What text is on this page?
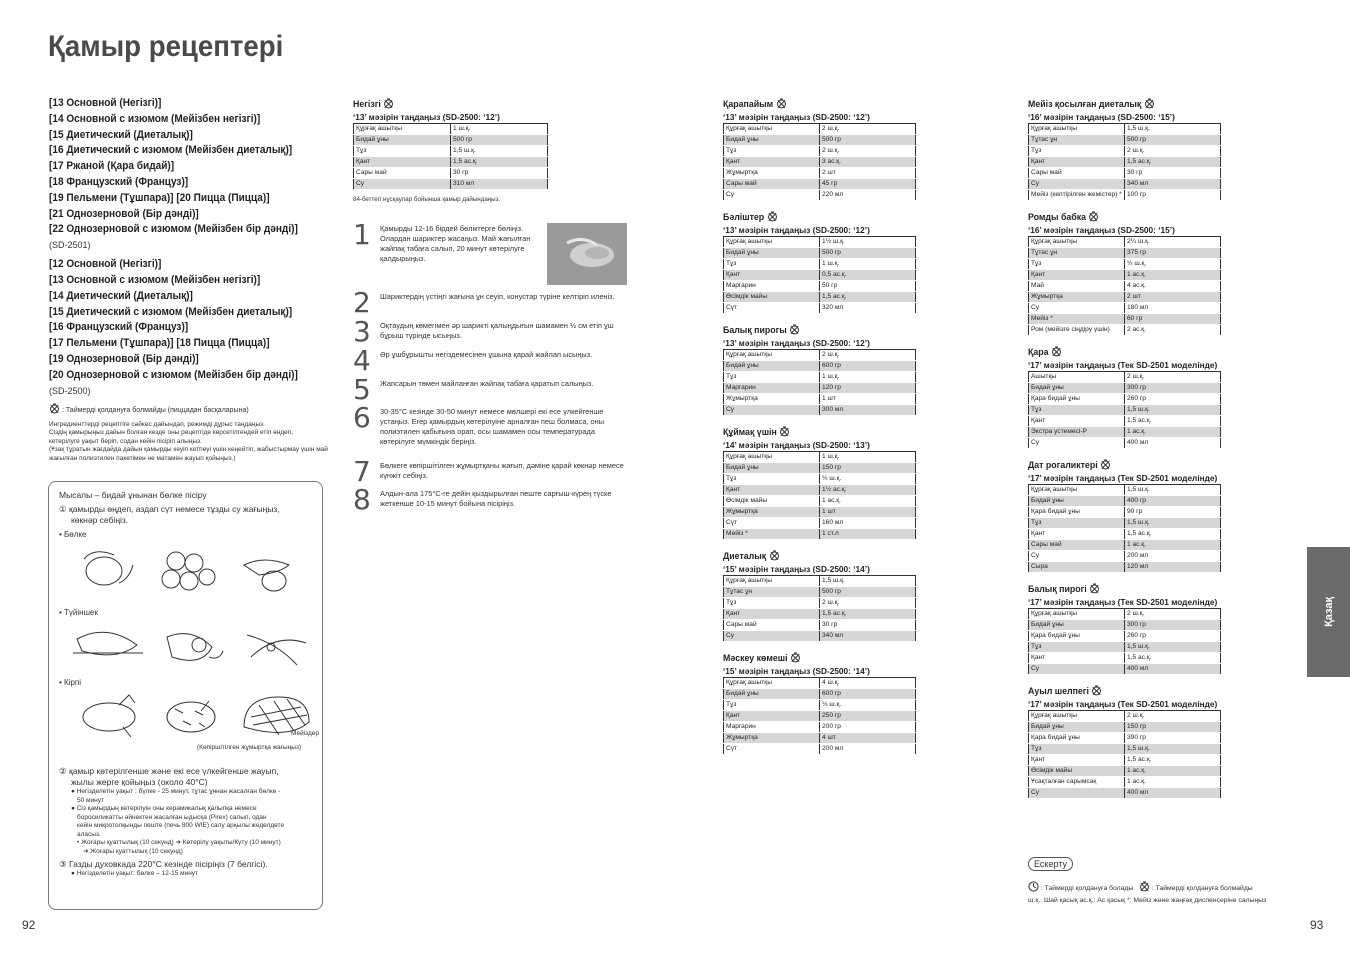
Қамыр рецептері
92	93
Қазақ
[13 Основной (Негізгі)]
[14 Основной с изюмом (Мейізбен негізгі)]
[15 Диетический (Диеталық)]
[16 Диетический с изюмом (Мейізбен диеталық)]
[17 Ржаной (Қара бидай)]
[18 Французский (Француз)]
[19 Пельмени (Тұшпара)] [20 Пицца (Пицца)]
[21 Однозерновой (Бір дәнді)]
[22 Однозерновой с изюмом (Мейізбен бір дәнді)]
(SD-2501)
[12 Основной (Негізгі)]
[13 Основной с изюмом (Мейізбен негізгі)]
[14 Диетический (Диеталық)]
[15 Диетический с изюмом (Мейізбен диеталық)]
[16 Французский (Француз)]
[17 Пельмени (Тұшпара)] [18 Пицца (Пицца)]
[19 Однозерновой (Бір дәнді)]
[20 Однозерновой с изюмом (Мейізбен бір дәнді)]
(SD-2500)
: Таймерді қолдануға болмайды (пиццадан басқаларына)
Ингредиенттерді рецептіге сәйкес дайындап, режимді дұрыс таңдаңыз.
Сіздің қамырыңыз дайын болған кезде оны рецептіде көрсетілгендей етіп өндеп,
кетерілуге уақыт беріп, содан кейін пісіріп алыңыз.
(Ұзақ тұратын жағдайда дайын қамырды кеуіп кетпеуі үшін кеңейтіп, жабыстырмау үшін май
жағылған полиэтилен пакетімен не матамен жауып қойыңыз.)
Мысалы – бидай ұнынан бөлке пісіру
① қамырды өңдеп, аздап сүт немесе тұзды су жағыңыз,
көкнәр себіңіз.
• Бөлке
• Түйіншек
• Кірпі
Мейіздер
(Көпіршітілген жұмыртқа жағыңыз)
② қамыр көтерілгенше және екі есе үлкейгенше жауып,
жылы жерге қойыңыз (около 40°C)
● Негізделетін уақыт : бүлке - 25 минут, тұтас ұннан жасалған бөлке -
50 минут
● Сіз қамырдың көтерілуін оны керамикалық қалыпқа немесе
боросиликатты әйнектен жасалған ыдысқа (Pirex) салып, одан
кейін микротолқынды пеште (печь 800 WIE) салу арқылы жеделдете
аласыз.
• Жоғары қуаттылық (10 секунд) ➜ Көтерілу уақыты/Күту (10 минут)
➜ Жоғары қуаттылық (10 секунд)
③ Газды духовкада 220°C кезінде пісіріңіз (7 белгісі).
● Негізделетін уақыт: бөлке – 12-15 минут
Негізгі
‘13’ мәзірін таңдаңыз (SD-2500: ‘12’)
Құрғақ ашытқы	1 ш.қ.
Бидай ұны	500 гр
Тұз	1,5 ш.қ.
Қант	1,5 ас.қ.
Сары май	30 гр
Су	310 мл
84-беттегі нұсқаулар бойынша қамыр дайындаңыз.
1 Қамырды 12-16 бірдей бөліктерге бөліңіз. Олардан шариктер жасаңыз. Май жағылған жайпақ табаға салып, 20 минут көтерілуге қалдырыңыз.
2 Шариктердің үстіңгі жағына ұн сеуіп, конустар түріне келтіріп иленіз.
3 Оқтаудың көмегімен әр шарикті қалыңдығын шамамен ½ см етіп ұш бұрыш түрінде ысыңыз.
4 Әр ұшбұрышты негіздемесінен ұшына қарай жайлап ысыңыз.
5 Жапсарын төмен майланған жайпақ табаға қаратып салыңыз.
6 30-35°C кезінде 30-50 минут немесе мөлшері екі есе үлкейгенше устаңыз. Егер қамырдың көтерілуіне арналған пеш болмаса, оны полиэтилен қабығына орап, осы шамамен осы температурада көтерілуге мүмкіндік беріңіз.
7 Бөлкеге көпіршітілген жұмыртқаны жағып, дәміне қарай көкнәр немесе күнжіт себіңіз.
8 Алдын-ала 175°C-ге дейін қыздырылған пеште сарғыш-күрең түске жеткенше 10-15 минут бойына пісіріңіз.
Қарапайым
‘13’ мәзірін таңдаңыз (SD-2500: ‘12’)
Құрғақ ашытқы	2 ш.қ.
Бидай ұны	500 гр
Тұз	2 ш.қ.
Қант	3 ас.қ.
Жұмыртқа	2 шт
Сары май	45 гр
Су	220 мл
Бәліштер
‘13’ мәзірін таңдаңыз (SD-2500: ‘12’)
Құрғақ ашытқы	1½ ш.қ.
Бидай ұны	500 гр
Тұз	1 ш.қ.
Қант	0,5 ас.қ.
Маргарин	50 гр
Өсімдік майы	1,5 ас.қ.
Сүт	320 мл
Балық пирогы
‘13’ мәзірін таңдаңыз (SD-2500: ‘12’)
Құрғақ ашытқы	2 ш.қ.
Бидай ұны	600 гр
Тұз	1 ш.қ.
Маргарин	120 гр
Жұмыртқа	1 шт
Су	300 мл
Құймақ үшін
‘14’ мәзірін таңдаңыз (SD-2500: ‘13’)
Құрғақ ашытқы	1 ш.қ.
Бидай ұны	150 гр
Тұз	½ ш.қ.
Қант	1½ ас.қ.
Өсімдік майы	1 ас.қ.
Жұмыртқа	1 шт
Сүт	160 мл
Мейіз *	1 ст.л
Диеталық
‘15’ мәзірін таңдаңыз (SD-2500: ‘14’)
Құрғақ ашытқы	1,5 ш.қ.
Тұтас ұн	500 гр
Тұз	2 ш.қ.
Қант	1,5 ас.қ.
Сары май	30 гр
Су	340 мл
Мәскеу көмеші
‘15’ мәзірін таңдаңыз (SD-2500: ‘14’)
Құрғақ ашытқы	4 ш.қ.
Бидай ұны	600 гр
Тұз	½ ш.қ.
Қант	250 гр
Маргарин	200 гр
Жұмыртқа	4 шт
Сүт	200 мл
Мейіз қосылған диеталық
‘16’ мәзірін таңдаңыз (SD-2500: ‘15’)
Құрғақ ашытқы	1,5 ш.қ.
Тұтас ұн	500 гр
Тұз	2 ш.қ.
Қант	1,5 ас.қ.
Сары май	30 гр
Су	340 мл
Мейіз (кептірілген жемістер) *	100 гр
Ромды бабка
‘16’ мәзірін таңдаңыз (SD-2500: ‘15’)
Құрғақ ашытқы	2¼ ш.қ.
Тұтас ұн	375 гр
Тұз	½ ш.қ.
Қант	1 ас.қ.
Май	4 ас.қ.
Жұмыртқа	2 шт
Су	180 мл
Мейіз *	60 гр
Ром (мейізге сіңдіру үшін)	2 ас.қ.
Қара
‘17’ мәзірін таңдаңыз (Тек SD-2501 моделінде)
Ашытқы	2 ш.қ.
Бидай ұны	300 гр
Қара бидай ұны	260 гр
Тұз	1,5 ш.қ.
Қант	1,5 ас.қ.
Экстра устемесі-Р	1 ас.қ.
Су	400 мл
Дат рогаликтері
‘17’ мәзірін таңдаңыз (Тек SD-2501 моделінде)
Құрғақ ашытқы	1,5 ш.қ.
Бидай ұны	400 гр
Қара бидай ұны	90 гр
Тұз	1,5 ш.қ.
Қант	1,5 ас.қ.
Сары май	1 ас.қ.
Су	200 мл
Сыра	120 мл
Балық пирогі
‘17’ мәзірін таңдаңыз (Тек SD-2501 моделінде)
Құрғақ ашытқы	2 ш.қ.
Бидай ұны	300 гр
Қара бидай ұны	260 гр
Тұз	1,5 ш.қ.
Қант	1,5 ас.қ.
Су	400 мл
Ауыл шелпегі
‘17’ мәзірін таңдаңыз (Тек SD-2501 моделінде)
Құрғақ ашытқы	2 ш.қ.
Бидай ұны	150 гр
Қара бидай ұны	390 гр
Тұз	1,5 ш.қ.
Қант	1,5 ас.қ.
Өсімдік майы	1 ас.қ.
Ұсақталған сарымсақ	1 ас.қ.
Су	400 мл
Ескерту
: Таймерді қолдануға болады	: Таймерді қолдануға болмайды
ш.қ.: Шай қасық ас.қ.: Ас қасық *: Мейіз және жаңғақ диспенсеріне салыңыз
